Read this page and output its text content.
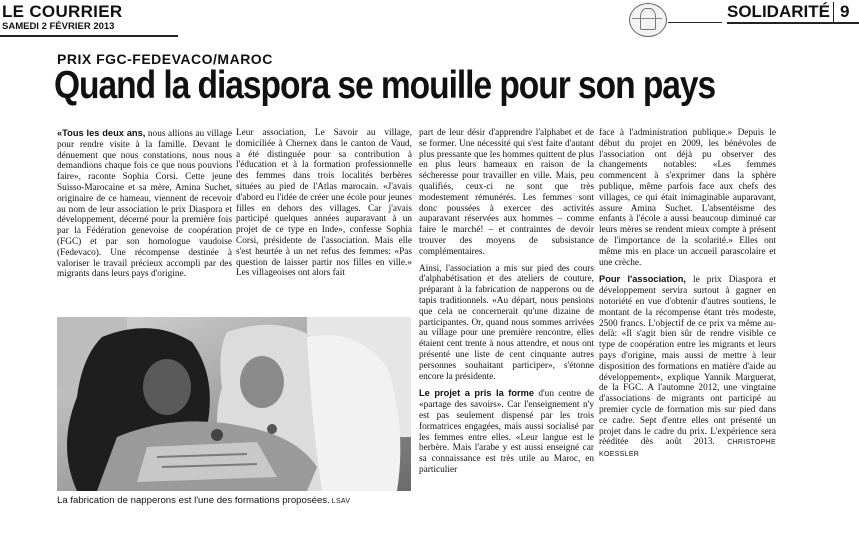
LE COURRIER
SAMEDI 2 FÉVRIER 2013
SOLIDARITÉ 9
PRIX FGC-FEDEVACO/MAROC
Quand la diaspora se mouille pour son pays

«Tous les deux ans, nous allions au village pour rendre visite à la famille. Devant le dénuement que nous constations, nous nous demandions chaque fois ce que nous pouvions faire», raconte Sophia Corsi. Cette jeune Suisso-Marocaine et sa mère, Amina Suchet, originaire de ce hameau, viennent de recevoir au nom de leur association le prix Diaspora et développement, décerné pour la première fois par la Fédération genevoise de coopération (FGC) et par son homologue vaudoise (Fedevaco). Une récompense destinée à valoriser le travail précieux accompli par des migrants dans leurs pays d'origine.

Leur association, Le Savoir au village, domiciliée à Chernex dans le canton de Vaud, a été distinguée pour sa contribution à l'éducation et à la formation professionnelle des femmes dans trois localités berbères situées au pied de l'Atlas marocain. «J'avais d'abord eu l'idée de créer une école pour jeunes filles en dehors des villages. Car j'avais participé quelques années auparavant à un projet de ce type en Inde», confesse Sophia Corsi, présidente de l'association. Mais elle s'est heurtée à un net refus des femmes: «Pas question de laisser partir nos filles en ville.» Les villageoises ont alors fait

part de leur désir d'apprendre l'alphabet et de se former. Une nécessité qui s'est faite d'autant plus pressante que les hommes quittent de plus en plus leurs hameaux en raison de la sécheresse pour travailler en ville. Mais, peu qualifiés, ceux-ci ne sont que très modestement rémunérés. Les femmes sont donc poussées à exercer des activités auparavant réservées aux hommes – comme faire le marché! – et contraintes de devoir trouver des moyens de subsistance complémentaires.

Ainsi, l'association a mis sur pied des cours d'alphabétisation et des ateliers de couture, préparant à la fabrication de napperons ou de tapis traditionnels. «Au départ, nous pensions que cela ne concernerait qu'une dizaine de participantes. Or, quand nous sommes arrivées au village pour une première rencontre, elles étaient cent trente à nous attendre, et nous ont présenté une liste de cent cinquante autres personnes souhaitant participer», s'étonne encore la présidente.

Le projet a pris la forme d'un centre de «partage des savoirs». Car l'enseignement n'y est pas seulement dispensé par les trois formatrices engagées, mais aussi socialisé par les femmes entre elles. «Leur langue est le berbère. Mais l'arabe y est aussi enseigné car sa connaissance est très utile au Maroc, en particulier

face à l'administration publique.» Depuis le début du projet en 2009, les bénévoles de l'association ont déjà pu observer des changements notables: «Les femmes commencent à s'exprimer dans la sphère publique, même parfois face aux chefs des villages, ce qui était inimaginable auparavant, assure Amina Suchet. L'absentéisme des enfants à l'école a aussi beaucoup diminué car leurs mères se rendent mieux compte à présent de l'importance de la scolarité.» Elles ont même mis en place un accueil parascolaire et une crèche.

Pour l'association, le prix Diaspora et développement servira surtout à gagner en notoriété en vue d'obtenir d'autres soutiens, le montant de la récompense étant très modeste, 2500 francs. L'objectif de ce prix va même au-delà: «Il s'agit bien sûr de rendre visible ce type de coopération entre les migrants et leurs pays d'origine, mais aussi de mettre à leur disposition des formations en matière d'aide au développement», explique Yannik Marguerat, de la FGC. A l'automne 2012, une vingtaine d'associations de migrants ont participé au premier cycle de formation mis sur pied dans ce cadre. Sept d'entre elles ont présenté un projet dans le cadre du prix. L'expérience sera rééditée dès août 2013. CHRISTOPHE KOESSLER

La fabrication de napperons est l'une des formations proposées. LSAV
